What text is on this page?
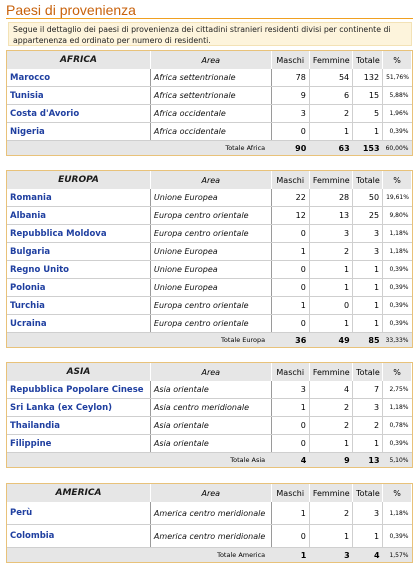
Paesi di provenienza

Segue il dettaglio dei paesi di provenienza dei cittadini stranieri residenti divisi per continente di appartenenza ed ordinato per numero di residenti.

AFRICA	Area	Maschi	Femmine	Totale	%
Marocco	Africa settentrionale	78	54	132	51,76%
Tunisia	Africa settentrionale	9	6	15	5,88%
Costa d'Avorio	Africa occidentale	3	2	5	1,96%
Nigeria	Africa occidentale	0	1	1	0,39%
Totale Africa		90	63	153	60,00%
EUROPA	Area	Maschi	Femmine	Totale	%
Romania	Unione Europea	22	28	50	19,61%
Albania	Europa centro orientale	12	13	25	9,80%
Repubblica Moldova	Europa centro orientale	0	3	3	1,18%
Bulgaria	Unione Europea	1	2	3	1,18%
Regno Unito	Unione Europea	0	1	1	0,39%
Polonia	Unione Europea	0	1	1	0,39%
Turchia	Europa centro orientale	1	0	1	0,39%
Ucraina	Europa centro orientale	0	1	1	0,39%
Totale Europa		36	49	85	33,33%
ASIA	Area	Maschi	Femmine	Totale	%
Repubblica Popolare Cinese	Asia orientale	3	4	7	2,75%
Sri Lanka (ex Ceylon)	Asia centro meridionale	1	2	3	1,18%
Thailandia	Asia orientale	0	2	2	0,78%
Filippine	Asia orientale	0	1	1	0,39%
Totale Asia		4	9	13	5,10%
AMERICA	Area	Maschi	Femmine	Totale	%
Perù	America centro meridionale	1	2	3	1,18%
Colombia	America centro meridionale	0	1	1	0,39%
Totale America		1	3	4	1,57%
